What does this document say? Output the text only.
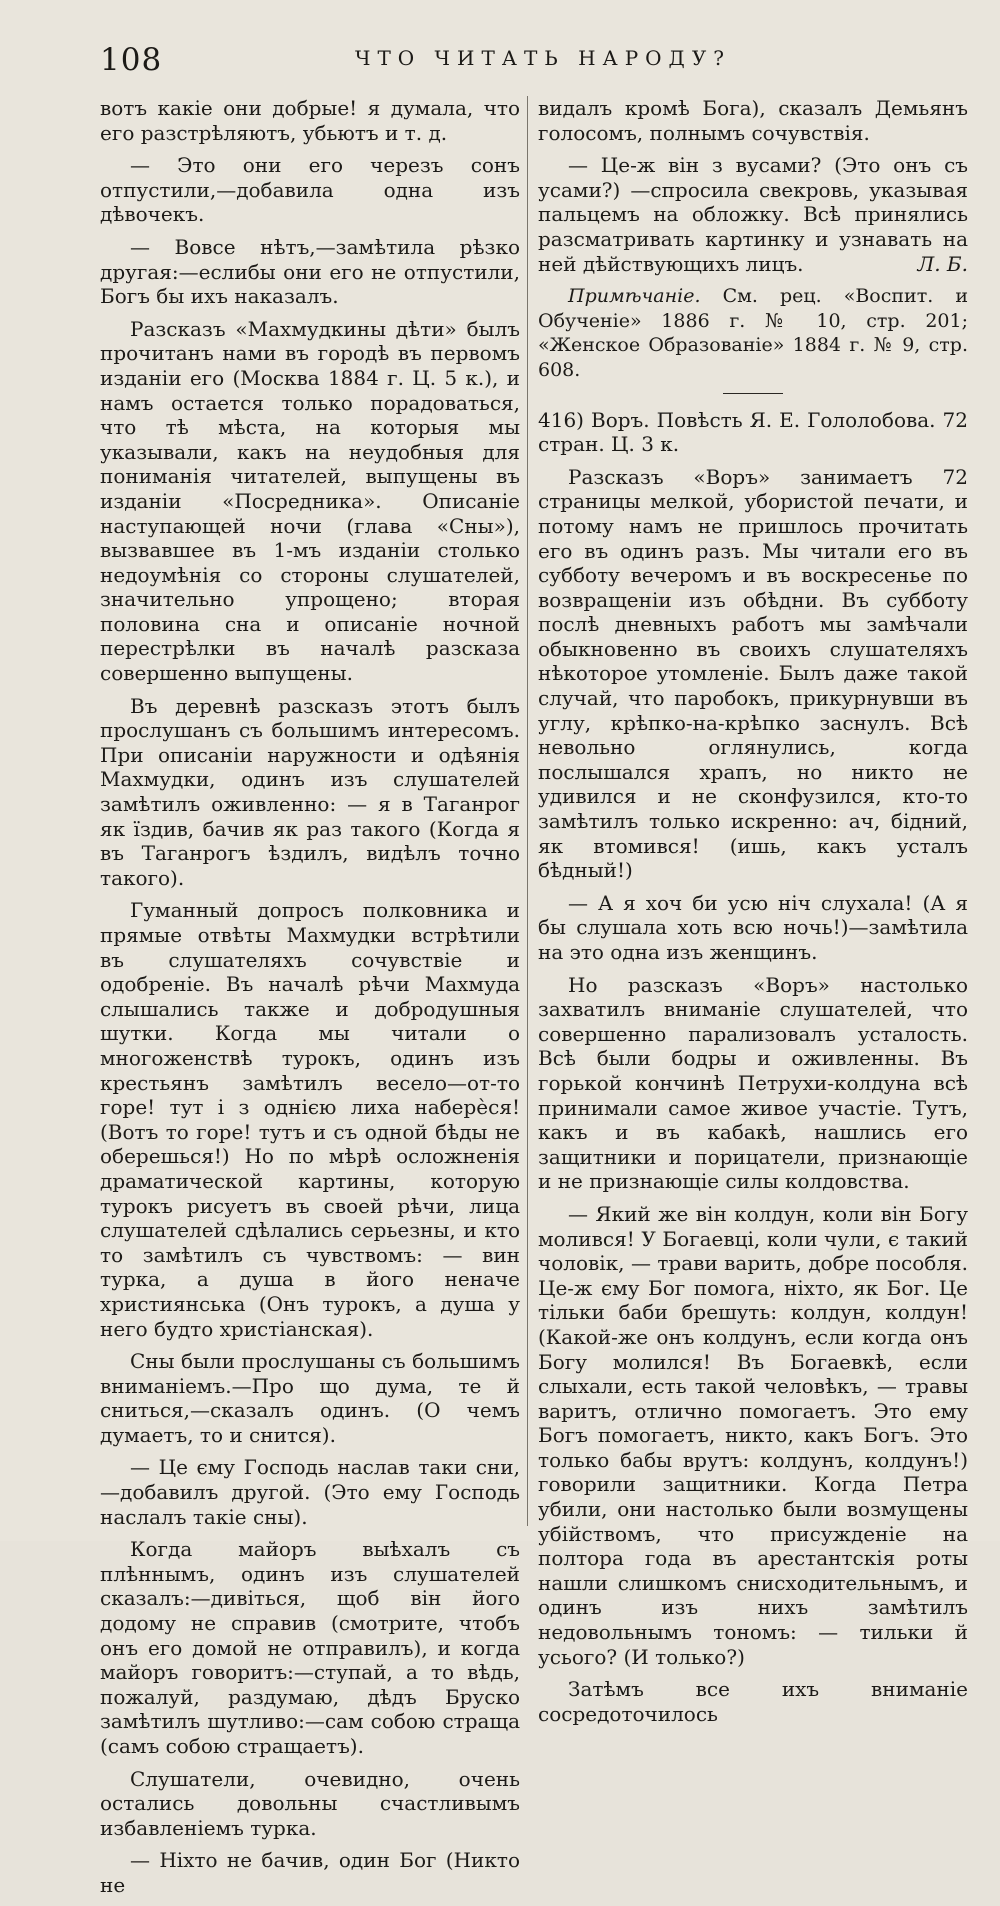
108	ЧТО ЧИТАТЬ НАРОДУ?

вотъ какіе они добрые! я думала, что его разстрѣляютъ, убьютъ и т. д.

— Это они его черезъ сонъ отпустили,—добавила одна изъ дѣвочекъ.

— Вовсе нѣтъ,—замѣтила рѣзко другая:—еслибы они его не отпустили, Богъ бы ихъ наказалъ.

Разсказъ «Махмудкины дѣти» былъ прочитанъ нами въ городѣ въ первомъ изданіи его (Москва 1884 г. Ц. 5 к.), и намъ остается только порадоваться, что тѣ мѣста, на которыя мы указывали, какъ на неудобныя для пониманія читателей, выпущены въ изданіи «Посредника». Описаніе наступающей ночи (глава «Сны»), вызвавшее въ 1-мъ изданіи столько недоумѣнія со стороны слушателей, значительно упрощено; вторая половина сна и описаніе ночной перестрѣлки въ началѣ разсказа совершенно выпущены.

Въ деревнѣ разсказъ этотъ былъ прослушанъ съ большимъ интересомъ. При описаніи наружности и одѣянія Махмудки, одинъ изъ слушателей замѣтилъ оживленно: — я в Таганрог як їздив, бачив як раз такого (Когда я въ Таганрогъ ѣздилъ, видѣлъ точно такого).

Гуманный допросъ полковника и прямые отвѣты Махмудки встрѣтили въ слушателяхъ сочувствіе и одобреніе. Въ началѣ рѣчи Махмуда слышались также и добродушныя шутки. Когда мы читали о многоженствѣ турокъ, одинъ изъ крестьянъ замѣтилъ весело—от-то горе! тут і з однією лиха наберѐся! (Вотъ то горе! тутъ и съ одной бѣды не оберешься!) Но по мѣрѣ осложненія драматической картины, которую турокъ рисуетъ въ своей рѣчи, лица слушателей сдѣлались серьезны, и кто то замѣтилъ съ чувствомъ: — вин турка, а душа в його неначе християнська (Онъ турокъ, а душа у него будто христіанская).

Сны были прослушаны съ большимъ вниманіемъ.—Про що дума, те й сниться,—сказалъ одинъ. (О чемъ думаетъ, то и снится).

— Це єму Господь наслав таки сни,—добавилъ другой. (Это ему Господь наслалъ такіе сны).

Когда майоръ выѣхалъ съ плѣннымъ, одинъ изъ слушателей сказалъ:—дивіться, щоб він його додому не справив (смотрите, чтобъ онъ его домой не отправилъ), и когда майоръ говоритъ:—ступай, а то вѣдь, пожалуй, раздумаю, дѣдъ Бруско замѣтилъ шутливо:—сам собою страща (самъ собою стращаетъ).

Слушатели, очевидно, очень остались довольны счастливымъ избавленіемъ турка.

— Ніхто не бачив, один Бог (Никто не

видалъ кромѣ Бога), сказалъ Демьянъ голосомъ, полнымъ сочувствія.

— Це-ж він з вусами? (Это онъ съ усами?) —спросила свекровь, указывая пальцемъ на обложку. Всѣ принялись разсматривать картинку и узнавать на ней дѣйствующихъ лицъ.	Л. Б.

Примѣчаніе. См. рец. «Воспит. и Обученіе» 1886 г. № 10, стр. 201; «Женское Образованіе» 1884 г. № 9, стр. 608.

416) Воръ. Повѣсть Я. Е. Гололобова. 72 стран. Ц. 3 к.

Разсказъ «Воръ» занимаетъ 72 страницы мелкой, убористой печати, и потому намъ не пришлось прочитать его въ одинъ разъ. Мы читали его въ субботу вечеромъ и въ воскресенье по возвращеніи изъ обѣдни. Въ субботу послѣ дневныхъ работъ мы замѣчали обыкновенно въ своихъ слушателяхъ нѣкоторое утомленіе. Былъ даже такой случай, что паробокъ, прикурнувши въ углу, крѣпко-на-крѣпко заснулъ. Всѣ невольно оглянулись, когда послышался храпъ, но никто не удивился и не сконфузился, кто-то замѣтилъ только искренно: ач, бідний, як втомився! (ишь, какъ усталъ бѣдный!)

— А я хоч би усю ніч слухала! (А я бы слушала хоть всю ночь!)—замѣтила на это одна изъ женщинъ.

Но разсказъ «Воръ» настолько захватилъ вниманіе слушателей, что совершенно парализовалъ усталость. Всѣ были бодры и оживленны. Въ горькой кончинѣ Петрухи-колдуна всѣ принимали самое живое участіе. Тутъ, какъ и въ кабакѣ, нашлись его защитники и порицатели, признающіе и не признающіе силы колдовства.

— Який же він колдун, коли він Богу молився! У Богаевці, коли чули, є такий чоловік, — трави варить, добре пособля. Це-ж єму Бог помога, ніхто, як Бог. Це тільки баби брешуть: колдун, колдун! (Какой-же онъ колдунъ, если когда онъ Богу молился! Въ Богаевкѣ, если слыхали, есть такой человѣкъ, — травы варитъ, отлично помогаетъ. Это ему Богъ помогаетъ, никто, какъ Богъ. Это только бабы врутъ: колдунъ, колдунъ!) говорили защитники. Когда Петра убили, они настолько были возмущены убійствомъ, что присужденіе на полтора года въ арестантскія роты нашли слишкомъ снисходительнымъ, и одинъ изъ нихъ замѣтилъ недовольнымъ тономъ: — тильки й усього? (И только?)

Затѣмъ все ихъ вниманіе сосредоточилось
